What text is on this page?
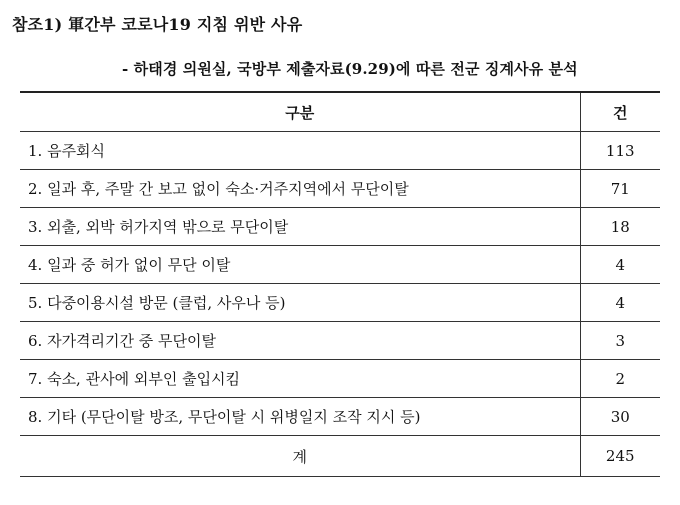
참조1) 軍간부 코로나19 지침 위반 사유
- 하태경 의원실, 국방부 제출자료(9.29)에 따른 전군 징계사유 분석
구분	건
1. 음주회식	113
2. 일과 후, 주말 간 보고 없이 숙소·거주지역에서 무단이탈	71
3. 외출, 외박 허가지역 밖으로 무단이탈	18
4. 일과 중 허가 없이 무단 이탈	4
5. 다중이용시설 방문 (클럽, 사우나 등)	4
6. 자가격리기간 중 무단이탈	3
7. 숙소, 관사에 외부인 출입시킴	2
8. 기타 (무단이탈 방조, 무단이탈 시 위병일지 조작 지시 등)	30
계	245
